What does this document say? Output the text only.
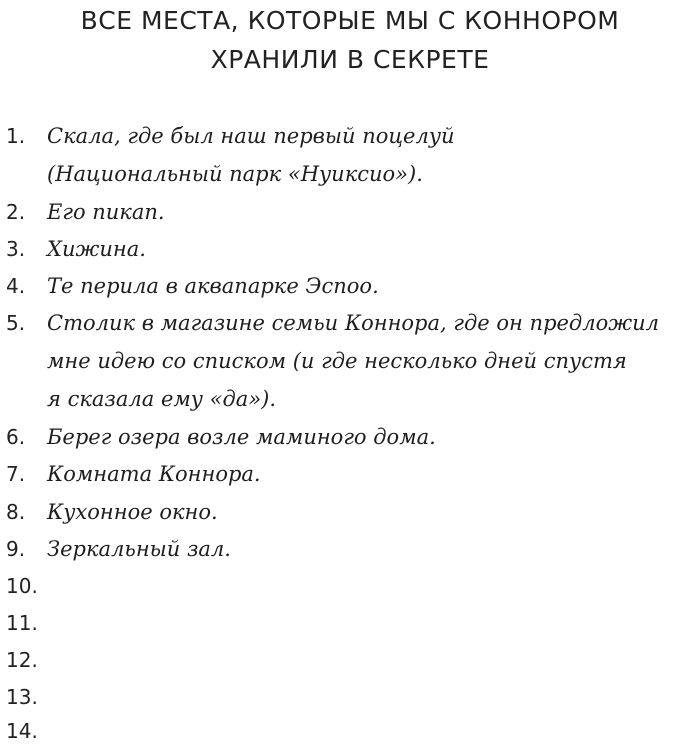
ВСЕ МЕСТА, КОТОРЫЕ МЫ С КОННОРОМ
ХРАНИЛИ В СЕКРЕТЕ
1. Скала, где был наш первый поцелуй
(Национальный парк «Нуuксио»).
2. Его пикап.
3. Хижина.
4. Те перила в аквапарке Эспоо.
5. Столик в магазине семьи Коннора, где он предложил
мне идею со списком (и где несколько дней спустя
я сказала ему «да»).
6. Берег озера возле маминого дома.
7. Комната Коннора.
8. Кухонное окно.
9. Зеркальный зал.
10.
11.
12.
13.
14.
